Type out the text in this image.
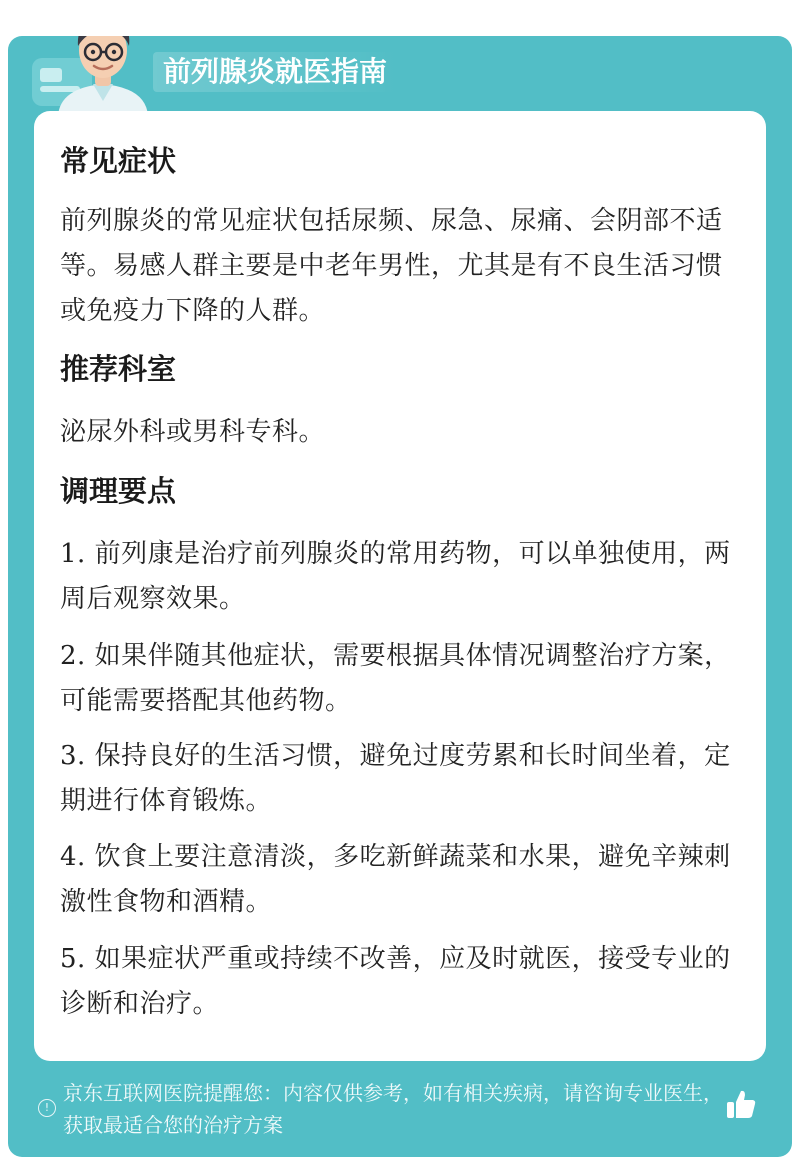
前列腺炎就医指南
常见症状

前列腺炎的常见症状包括尿频、尿急、尿痛、会阴部不适等。易感人群主要是中老年男性，尤其是有不良生活习惯或免疫力下降的人群。

推荐科室

泌尿外科或男科专科。

调理要点

1. 前列康是治疗前列腺炎的常用药物，可以单独使用，两周后观察效果。

2. 如果伴随其他症状，需要根据具体情况调整治疗方案，可能需要搭配其他药物。

3. 保持良好的生活习惯，避免过度劳累和长时间坐着，定期进行体育锻炼。

4. 饮食上要注意清淡，多吃新鲜蔬菜和水果，避免辛辣刺激性食物和酒精。

5. 如果症状严重或持续不改善，应及时就医，接受专业的诊断和治疗。

!
京东互联网医院提醒您：内容仅供参考，如有相关疾病，请咨询专业医生，获取最适合您的治疗方案
